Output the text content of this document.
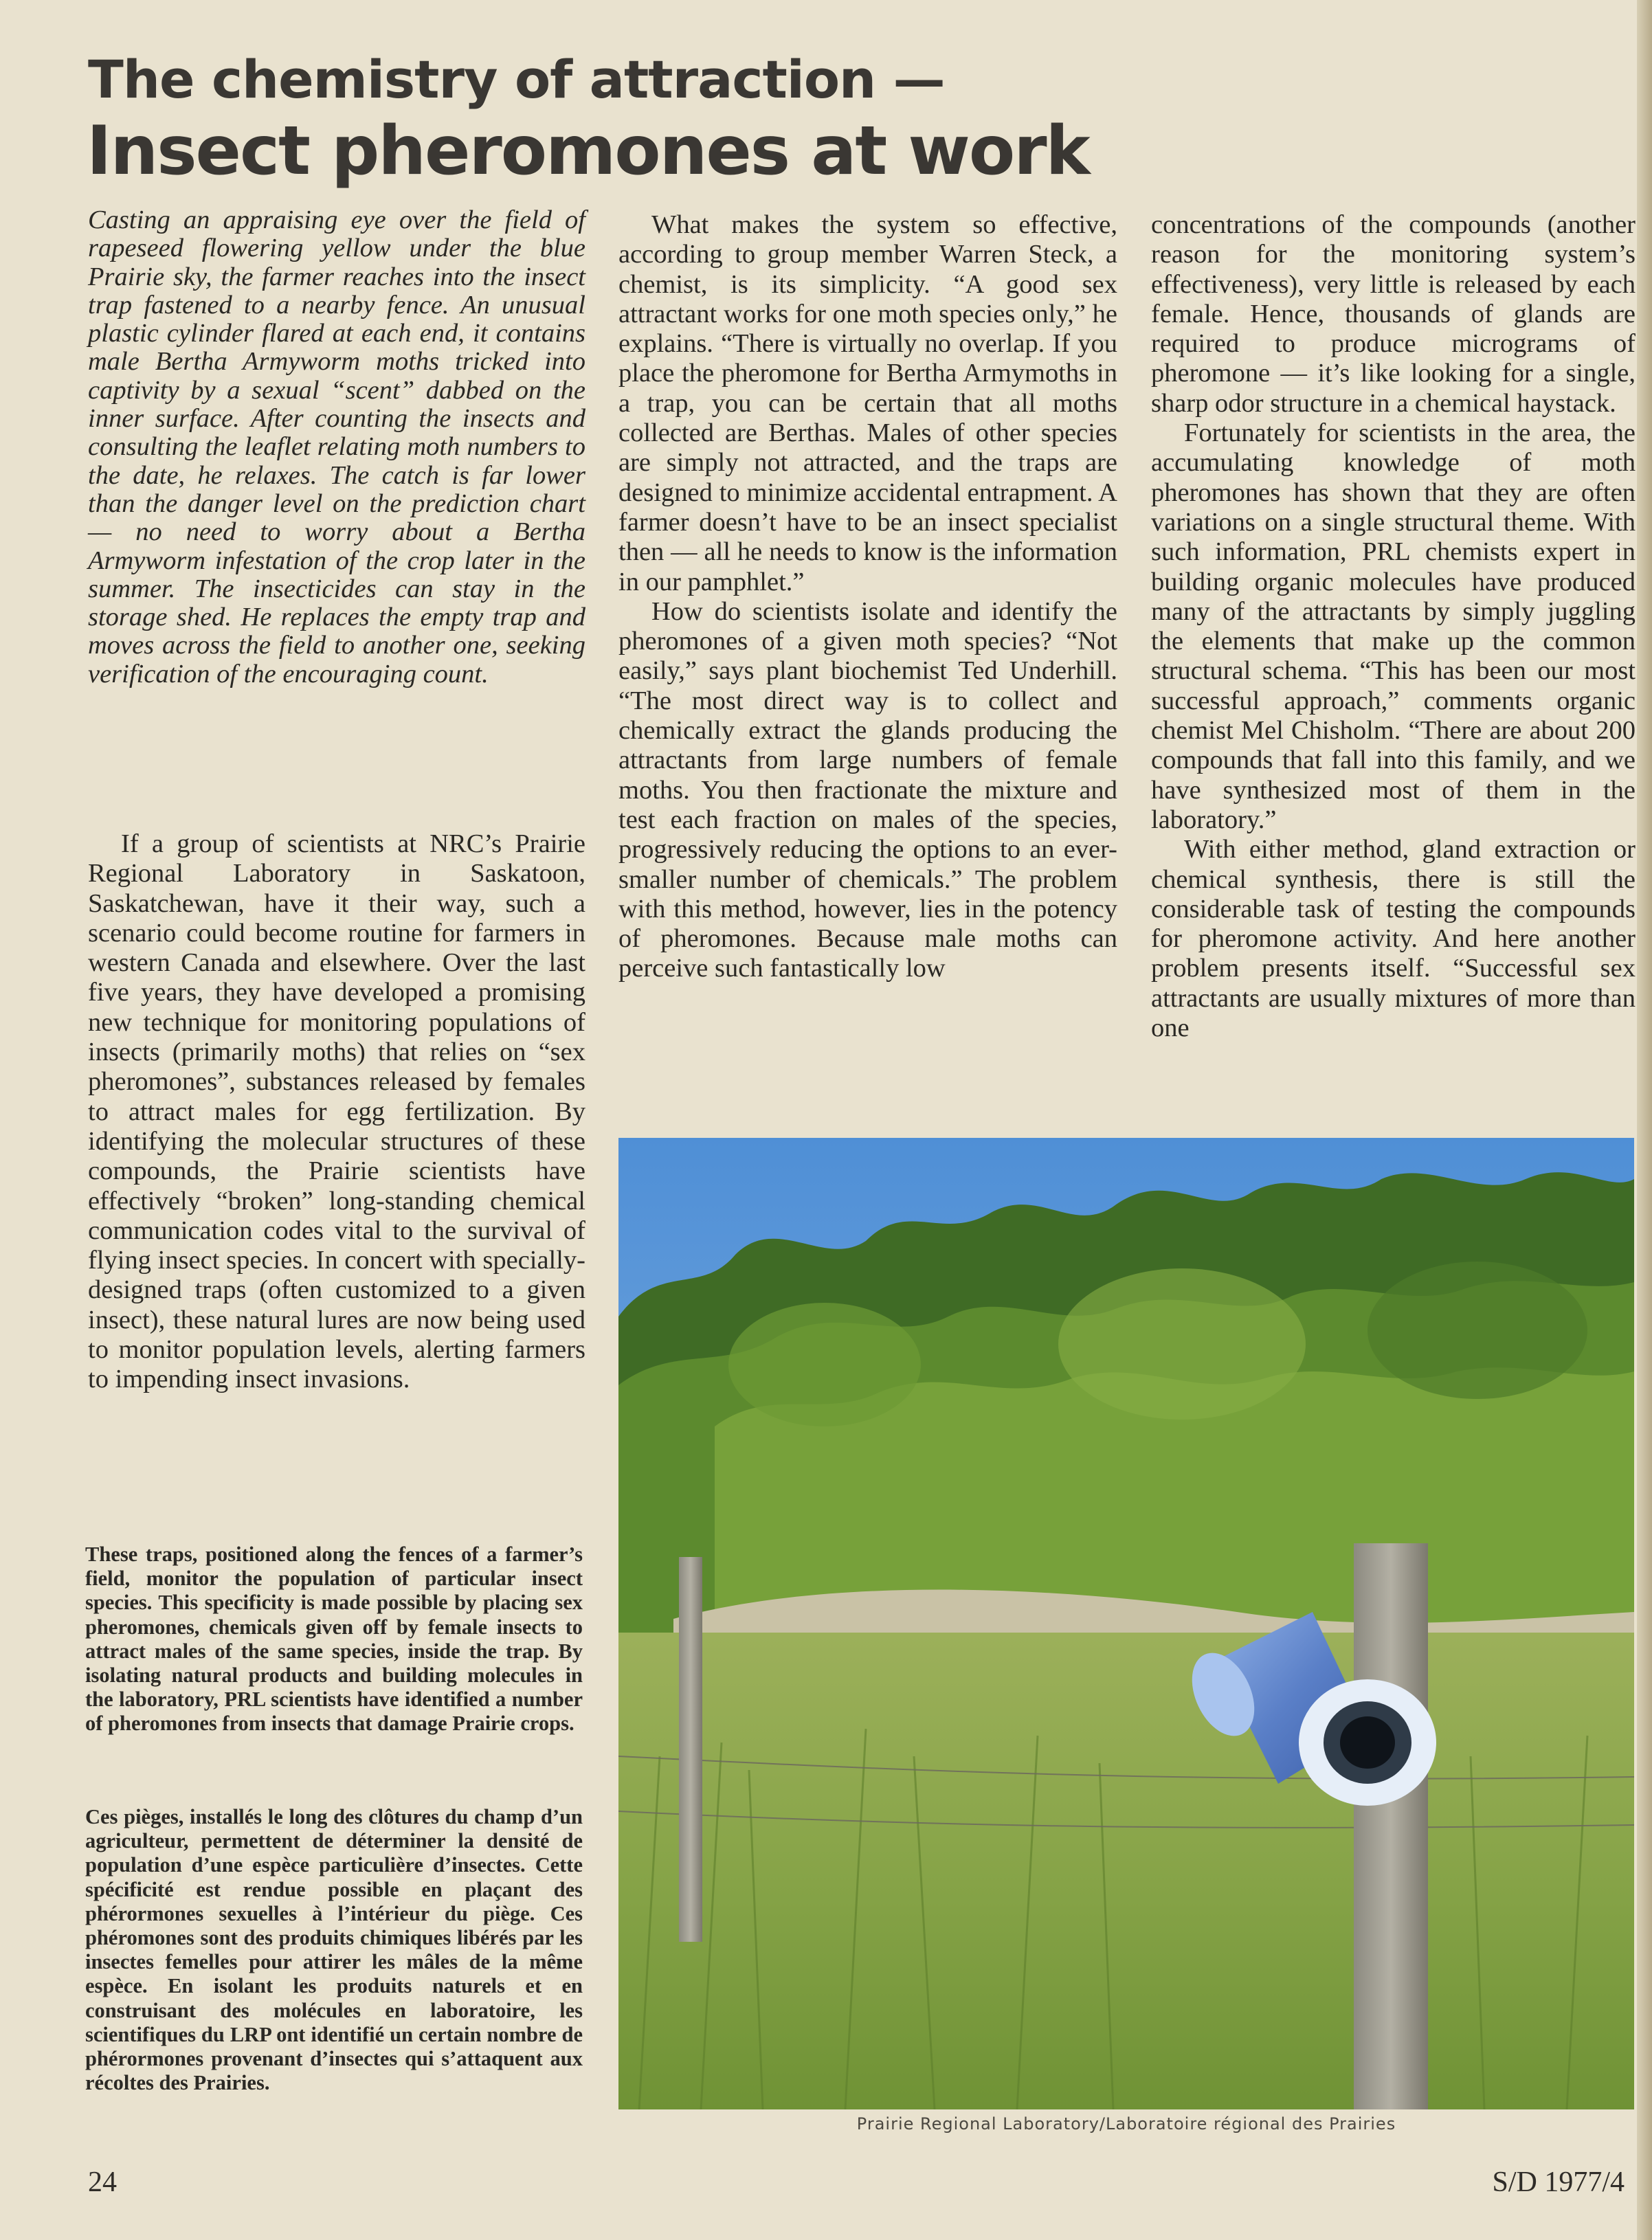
The chemistry of attraction —
Insect pheromones at work

Casting an appraising eye over the field of rapeseed flowering yellow under the blue Prairie sky, the farmer reaches into the insect trap fastened to a nearby fence. An unusual plastic cylinder flared at each end, it contains male Bertha Armyworm moths tricked into captivity by a sexual “scent” dabbed on the inner surface. After counting the insects and consulting the leaflet relating moth numbers to the date, he relaxes. The catch is far lower than the danger level on the prediction chart — no need to worry about a Bertha Armyworm infestation of the crop later in the summer. The insecticides can stay in the storage shed. He replaces the empty trap and moves across the field to another one, seeking verification of the encouraging count.

If a group of scientists at NRC’s Prairie Regional Laboratory in Saskatoon, Saskatchewan, have it their way, such a scenario could become routine for farmers in western Canada and elsewhere. Over the last five years, they have developed a promising new technique for monitoring populations of insects (primarily moths) that relies on “sex pheromones”, substances released by females to attract males for egg fertilization. By identifying the molecular structures of these compounds, the Prairie scientists have effectively “broken” long-standing chemical communication codes vital to the survival of flying insect species. In concert with specially-designed traps (often customized to a given insect), these natural lures are now being used to monitor population levels, alerting farmers to impending insect invasions.

What makes the system so effective, according to group member Warren Steck, a chemist, is its simplicity. “A good sex attractant works for one moth species only,” he explains. “There is virtually no overlap. If you place the pheromone for Bertha Armymoths in a trap, you can be certain that all moths collected are Berthas. Males of other species are simply not attracted, and the traps are designed to minimize accidental entrapment. A farmer doesn’t have to be an insect specialist then — all he needs to know is the information in our pamphlet.”

How do scientists isolate and identify the pheromones of a given moth species? “Not easily,” says plant biochemist Ted Underhill. “The most direct way is to collect and chemically extract the glands producing the attractants from large numbers of female moths. You then fractionate the mixture and test each fraction on males of the species, progressively reducing the options to an ever-smaller number of chemicals.” The problem with this method, however, lies in the potency of pheromones. Because male moths can perceive such fantastically low

concentrations of the compounds (another reason for the monitoring system’s effectiveness), very little is released by each female. Hence, thousands of glands are required to produce micrograms of pheromone — it’s like looking for a single, sharp odor structure in a chemical haystack.

Fortunately for scientists in the area, the accumulating knowledge of moth pheromones has shown that they are often variations on a single structural theme. With such information, PRL chemists expert in building organic molecules have produced many of the attractants by simply juggling the elements that make up the common structural schema. “This has been our most successful approach,” comments organic chemist Mel Chisholm. “There are about 200 compounds that fall into this family, and we have synthesized most of them in the laboratory.”

With either method, gland extraction or chemical synthesis, there is still the considerable task of testing the compounds for pheromone activity. And here another problem presents itself. “Successful sex attractants are usually mixtures of more than one

These traps, positioned along the fences of a farmer’s field, monitor the population of particular insect species. This specificity is made possible by placing sex pheromones, chemicals given off by female insects to attract males of the same species, inside the trap. By isolating natural products and building molecules in the laboratory, PRL scientists have identified a number of pheromones from insects that damage Prairie crops.
Ces pièges, installés le long des clôtures du champ d’un agriculteur, permettent de déterminer la densité de population d’une espèce particulière d’insectes. Cette spécificité est rendue possible en plaçant des phérormones sexuelles à l’intérieur du piège. Ces phéromones sont des produits chimiques libérés par les insectes femelles pour attirer les mâles de la même espèce. En isolant les produits naturels et en construisant des molécules en laboratoire, les scientifiques du LRP ont identifié un certain nombre de phérormones provenant d’insectes qui s’attaquent aux récoltes des Prairies.
Prairie Regional Laboratory/Laboratoire régional des Prairies
24	S/D 1977/4
